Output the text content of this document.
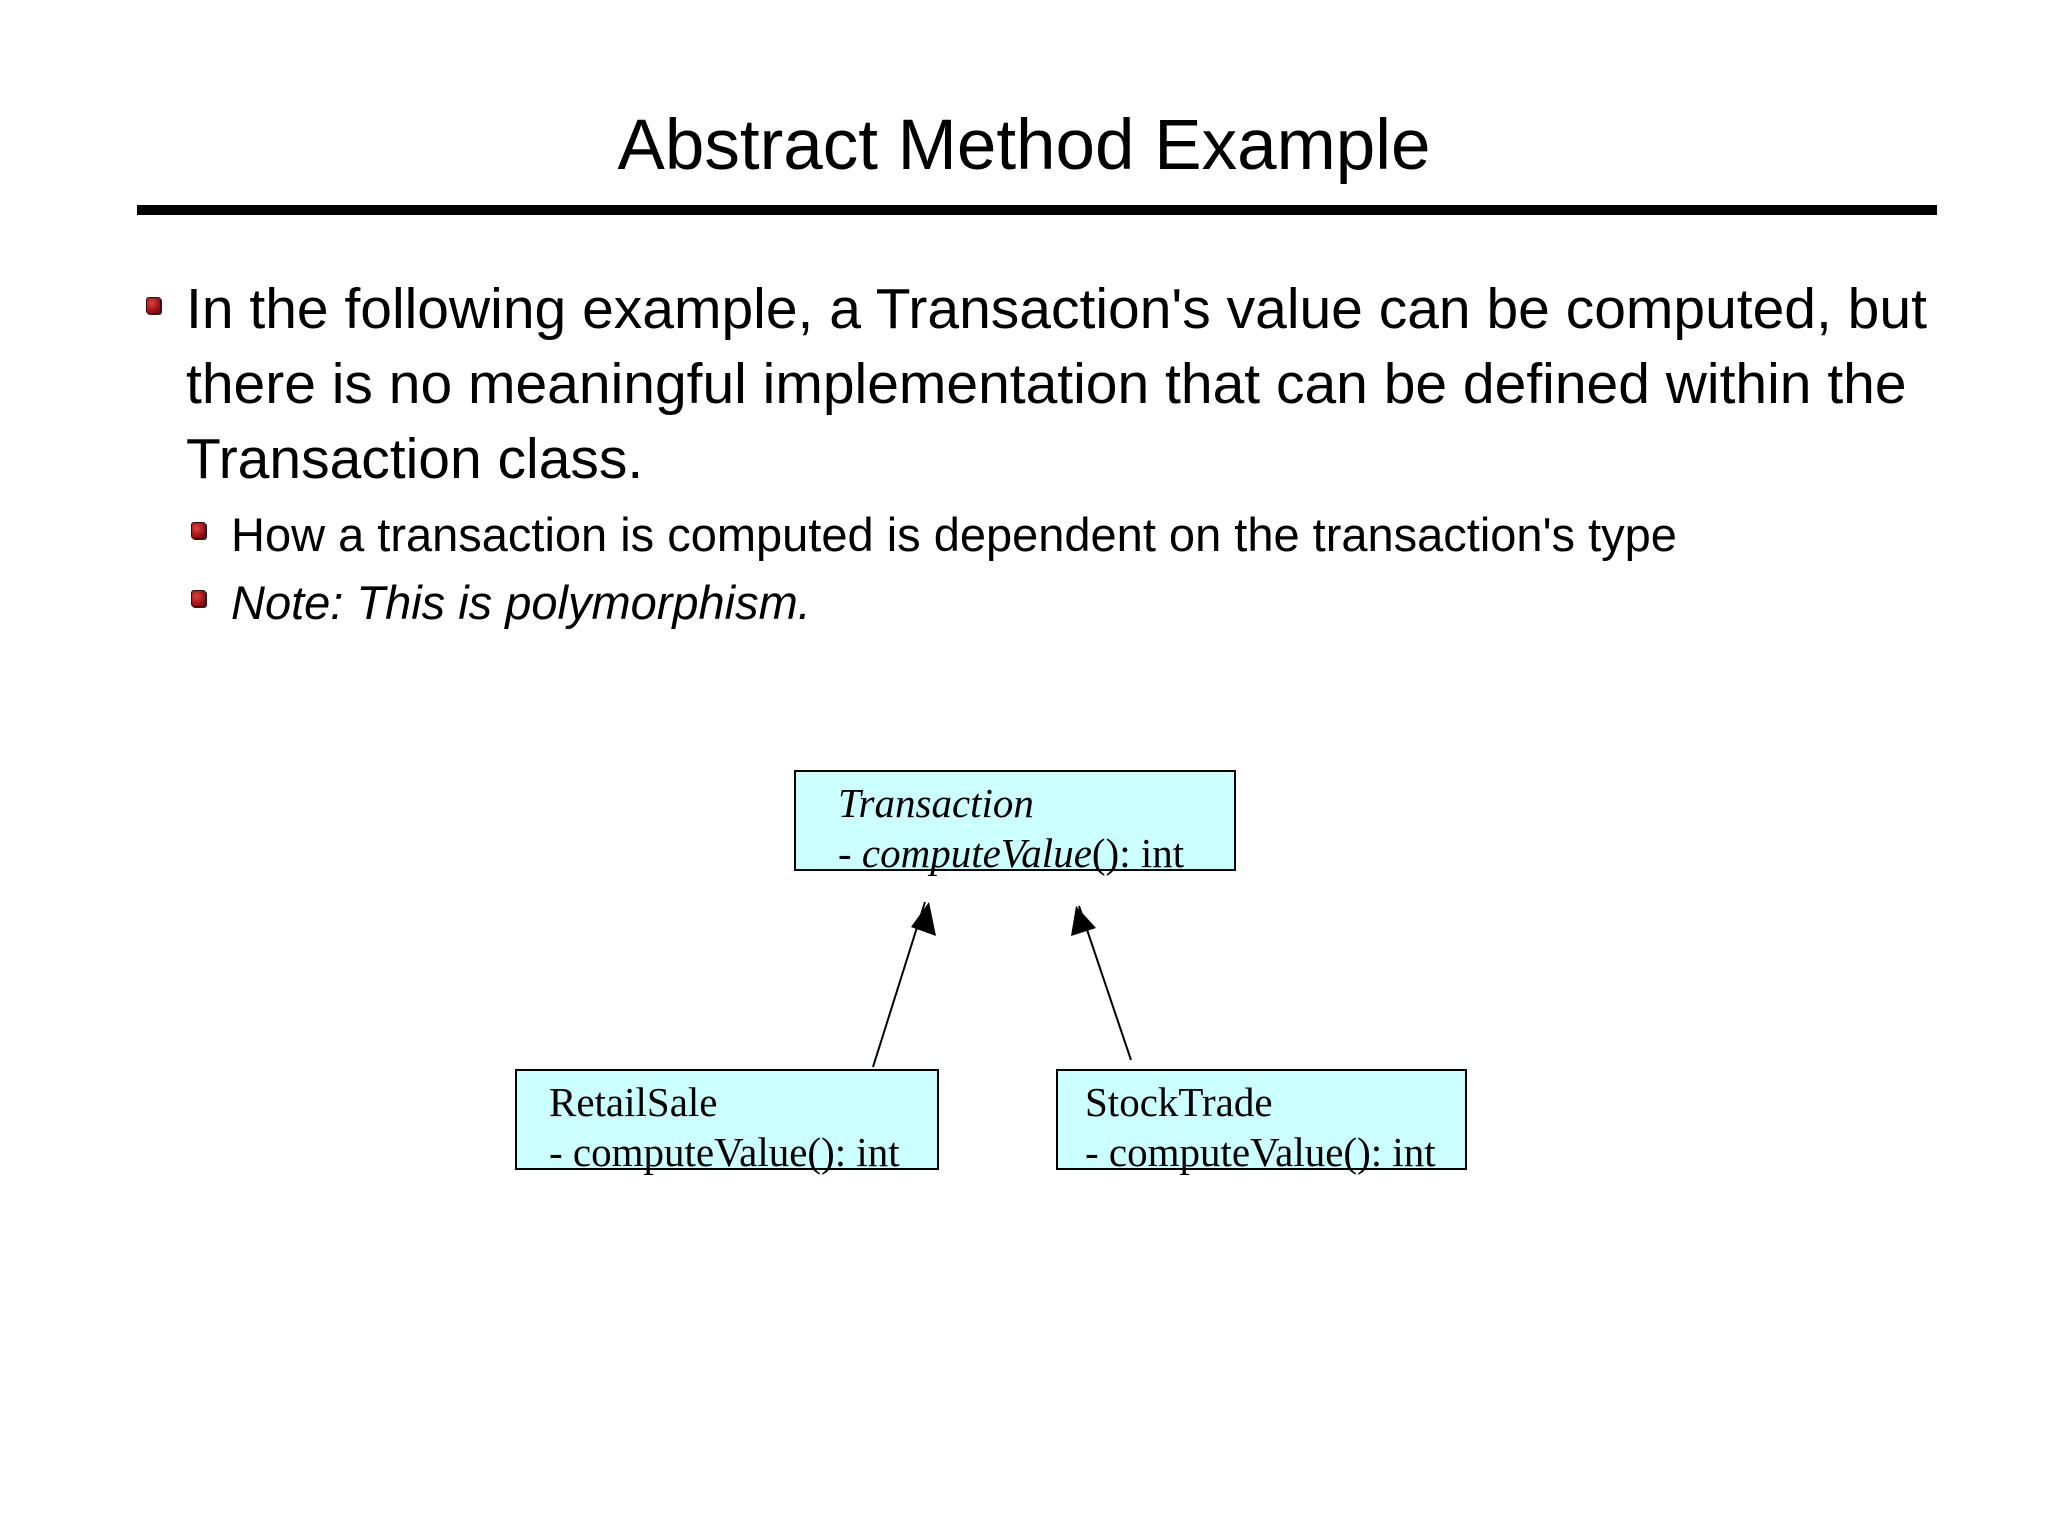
Abstract Method Example
In the following example, a Transaction's value can be computed, but there is no meaningful implementation that can be defined within the Transaction class.
How a transaction is computed is dependent on the transaction's type
Note: This is polymorphism.
Transaction
- computeValue(): int
RetailSale
- computeValue(): int
StockTrade
- computeValue(): int
